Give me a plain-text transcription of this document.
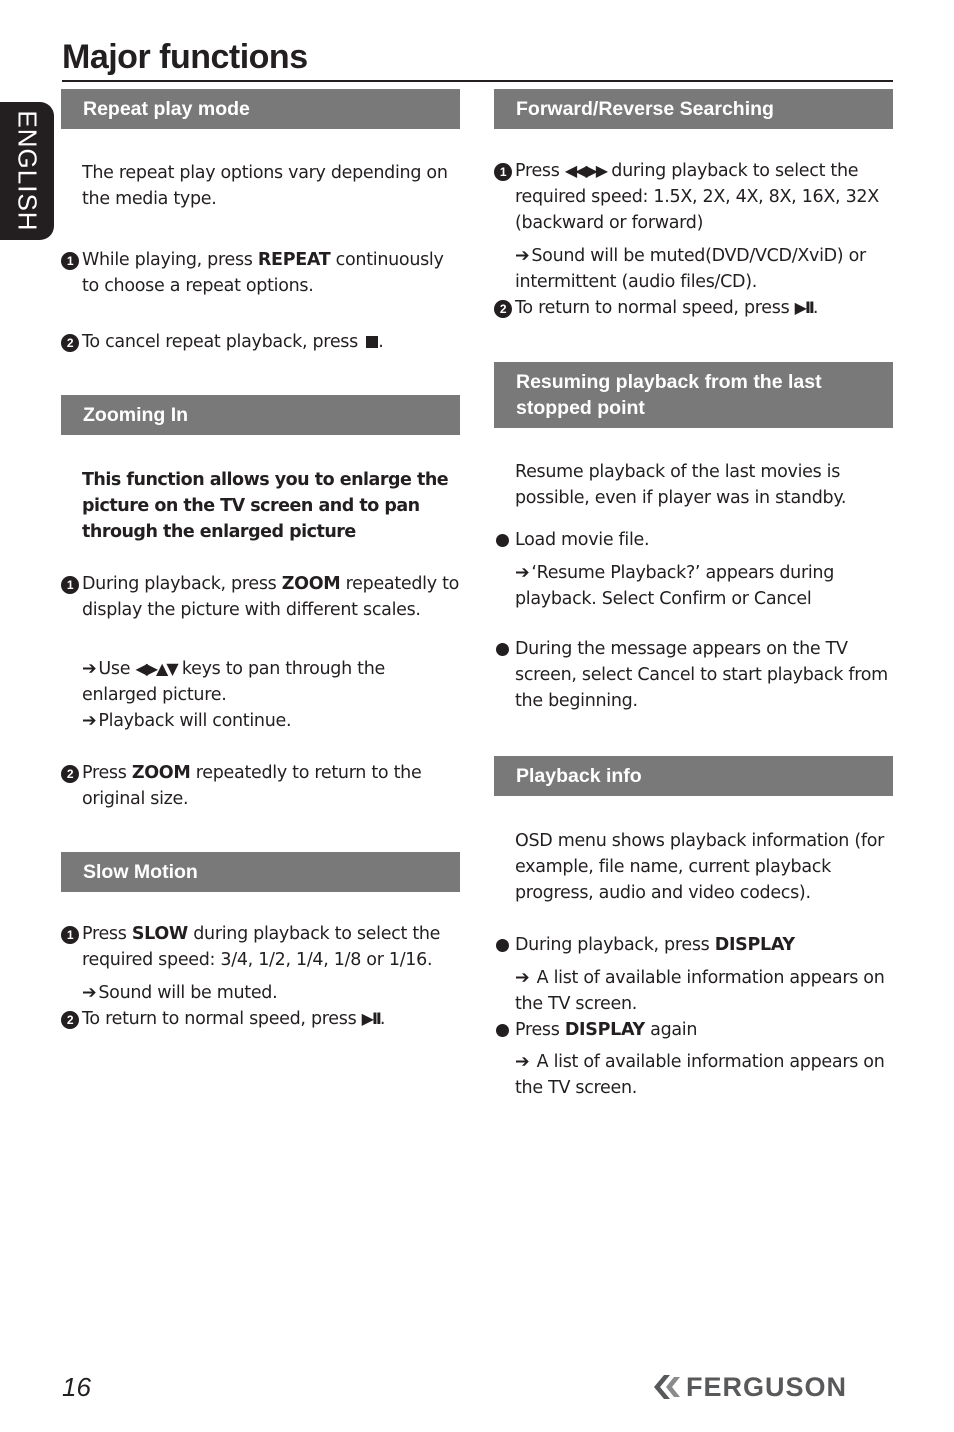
Major functions
ENGLISH
Repeat play mode
The repeat play options vary depending on the media type.
1 While playing, press REPEAT continuously to choose a repeat options.
2 To cancel repeat playback, press .
Zooming In
This function allows you to enlarge the picture on the TV screen and to pan through the enlarged picture
1 During playback, press ZOOM repeatedly to display the picture with different scales.
➔ Use ◀▶▲▼ keys to pan through the enlarged picture.
➔ Playback will continue.
2 Press ZOOM repeatedly to return to the original size.
Slow Motion
1 Press SLOW during playback to select the required speed: 3/4, 1/2, 1/4, 1/8 or 1/16.
➔ Sound will be muted.
2 To return to normal speed, press ▶II.
Forward/Reverse Searching
1 Press ◀◀▶▶ during playback to select the required speed: 1.5X, 2X, 4X, 8X, 16X, 32X (backward or forward)
➔ Sound will be muted(DVD/VCD/XviD) or intermittent (audio files/CD).
2 To return to normal speed, press ▶II.
Resuming playback from the last stopped point
Resume playback of the last movies is possible, even if player was in standby.
Load movie file.
➔ ‘Resume Playback?’ appears during playback. Select Confirm or Cancel
During the message appears on the TV screen, select Cancel to start playback from the beginning.
Playback info
OSD menu shows playback information (for example, file name, current playback progress, audio and video codecs).
During playback, press DISPLAY
➔ A list of available information appears on the TV screen.
Press DISPLAY again
➔ A list of available information appears on the TV screen.
16	FERGUSON
